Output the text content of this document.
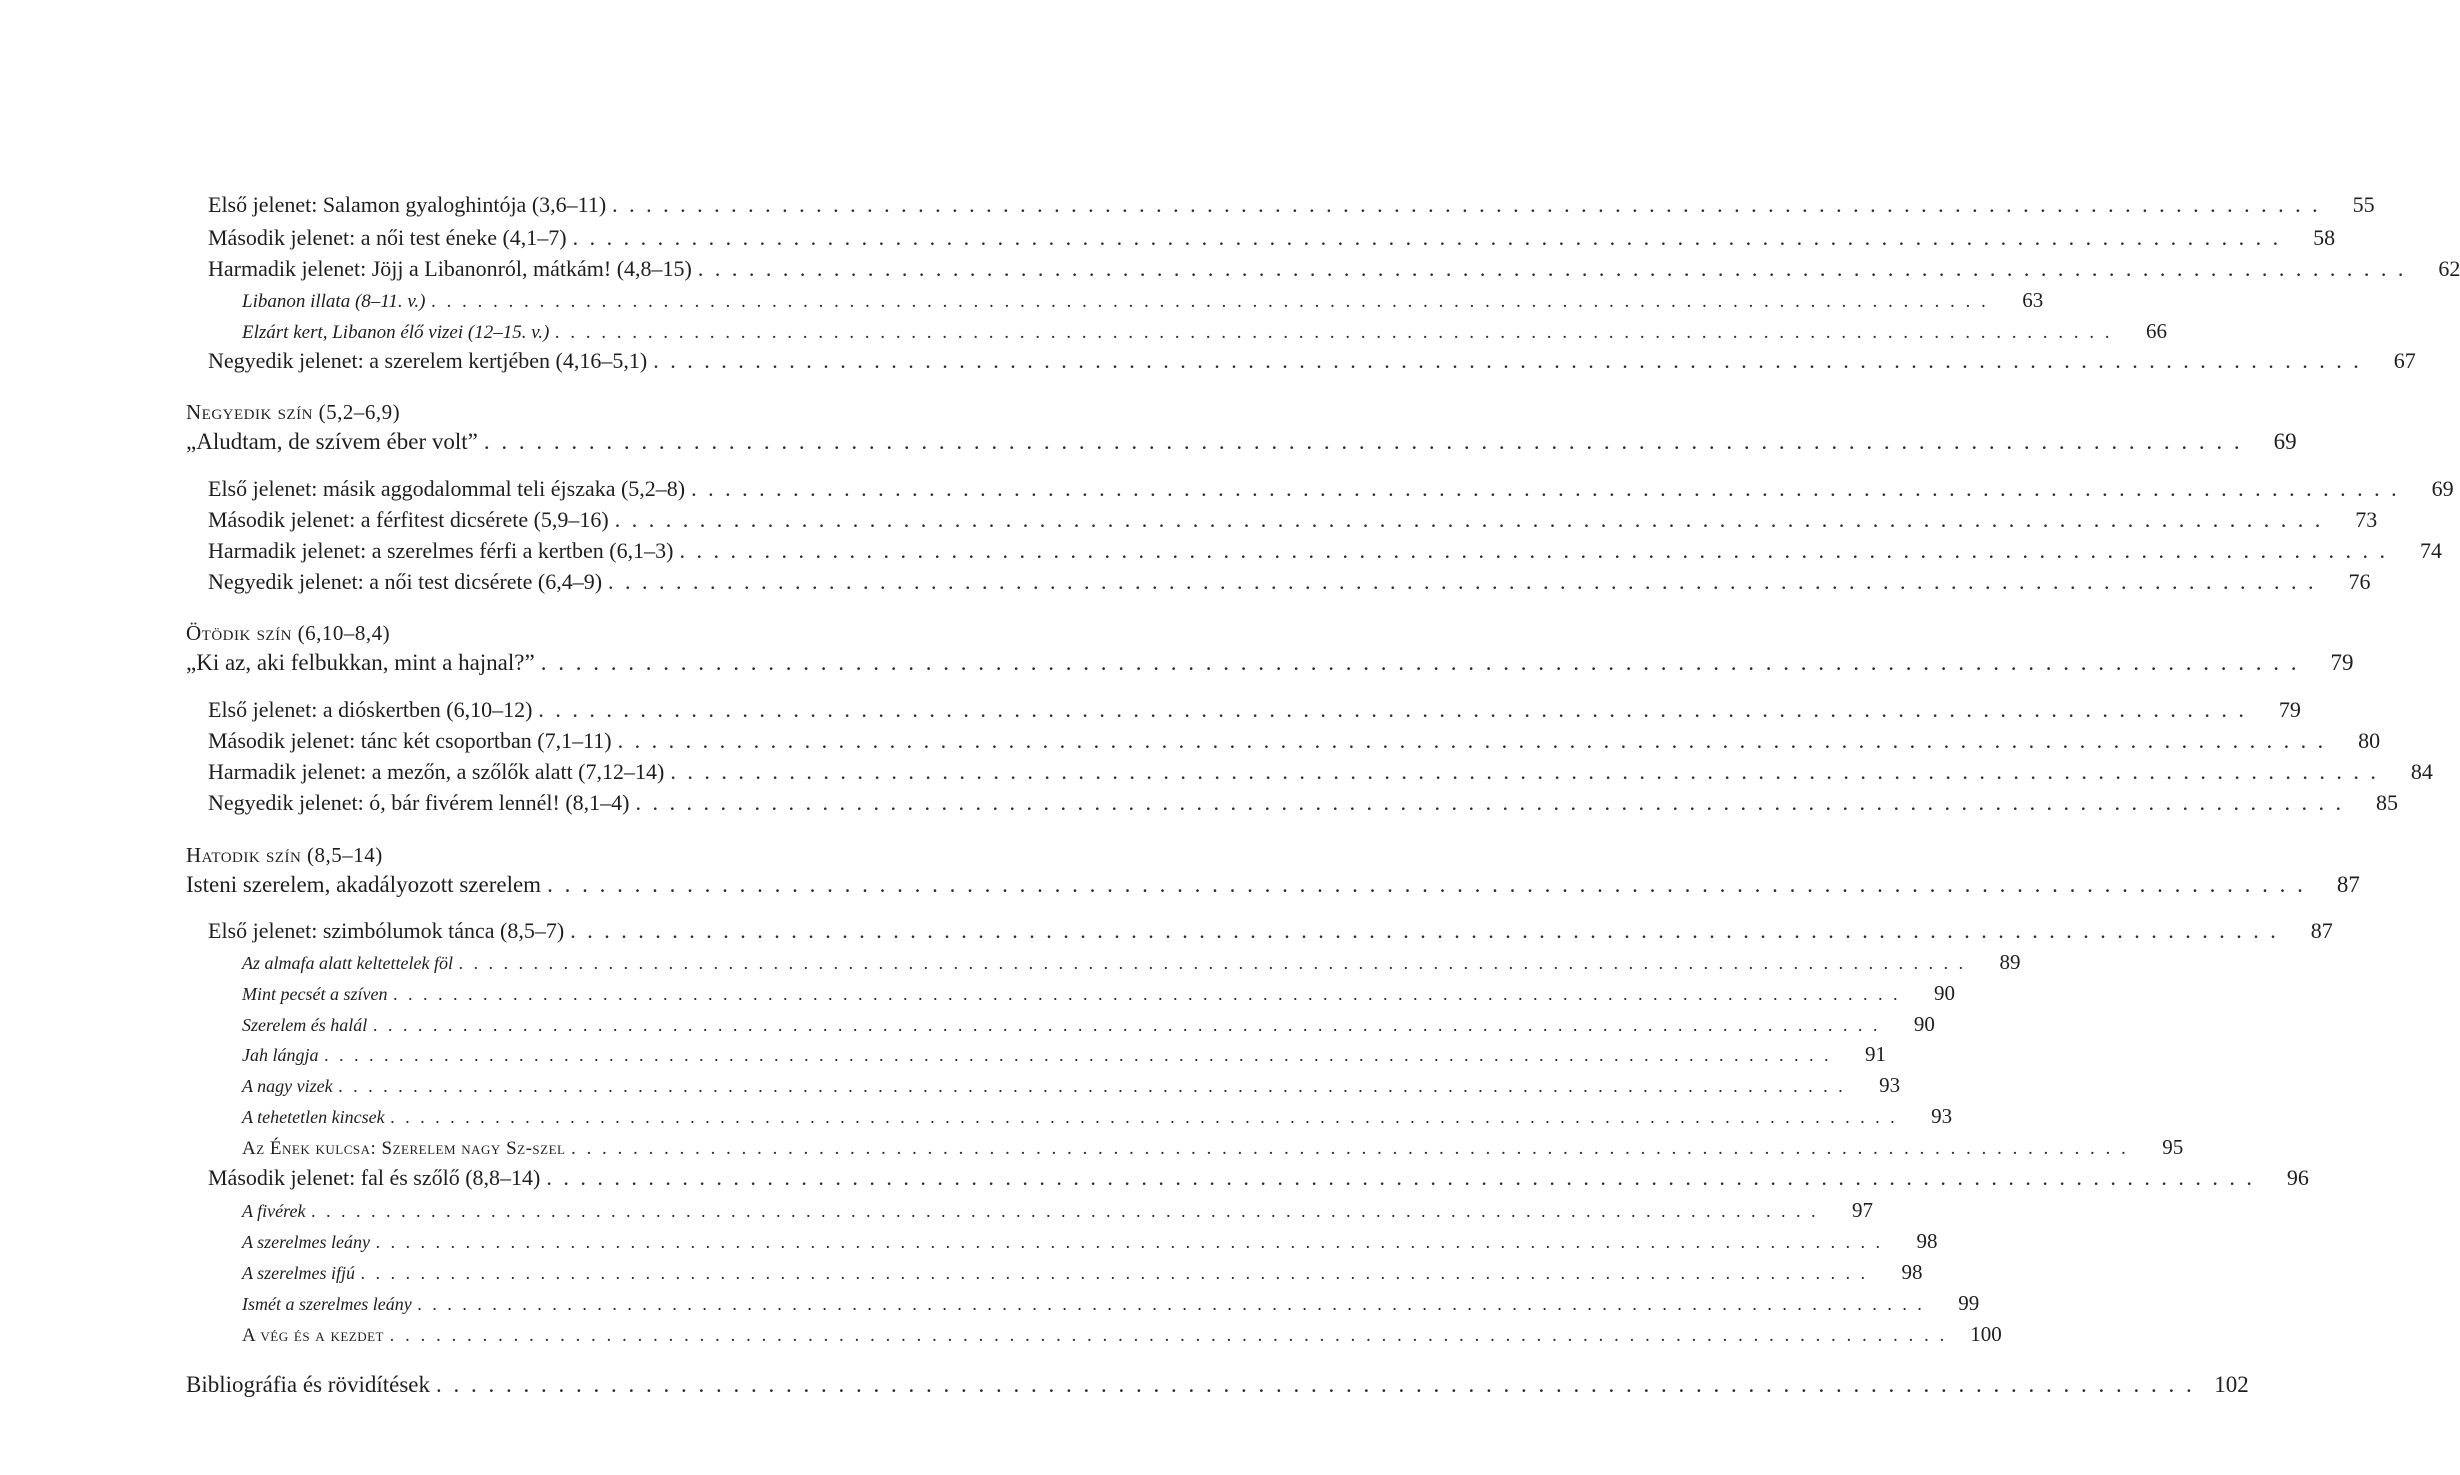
Első jelenet: Salamon gyaloghintója (3,6–11) . . .	55
Második jelenet: a női test éneke (4,1–7) . . .	58
Harmadik jelenet: Jöjj a Libanonról, mátkám! (4,8–15) . . .	62
Libanon illata (8–11. v.) . . .	63
Elzárt kert, Libanon élő vizei (12–15. v.) . . .	66
Negyedik jelenet: a szerelem kertjében (4,16–5,1) . . .	67
Negyedik szín (5,2–6,9)
„Aludtam, de szívem éber volt” . . .	69
Első jelenet: másik aggodalommal teli éjszaka (5,2–8) . . .	69
Második jelenet: a férfitest dicsérete (5,9–16) . . .	73
Harmadik jelenet: a szerelmes férfi a kertben (6,1–3) . . .	74
Negyedik jelenet: a női test dicsérete (6,4–9) . . .	76
Ötödik szín (6,10–8,4)
„Ki az, aki felbukkan, mint a hajnal?” . . .	79
Első jelenet: a dióskertben (6,10–12) . . .	79
Második jelenet: tánc két csoportban (7,1–11) . . .	80
Harmadik jelenet: a mezőn, a szőlők alatt (7,12–14) . . .	84
Negyedik jelenet: ó, bár fivérem lennél! (8,1–4) . . .	85
Hatodik szín (8,5–14)
Isteni szerelem, akadályozott szerelem . . .	87
Első jelenet: szimbólumok tánca (8,5–7) . . .	87
Az almafa alatt keltettelek föl . . .	89
Mint pecsét a szíven . . .	90
Szerelem és halál . . .	90
Jah lángja . . .	91
A nagy vizek . . .	93
A tehetetlen kincsek . . .	93
Az Ének kulcsa: Szerelem nagy Sz-szel . . .	95
Második jelenet: fal és szőlő (8,8–14) . . .	96
A fivérek . . .	97
A szerelmes leány . . .	98
A szerelmes ifjú . . .	98
Ismét a szerelmes leány . . .	99
A vég és a kezdet . . .	100
Bibliográfia és rövidítések . . .	102
